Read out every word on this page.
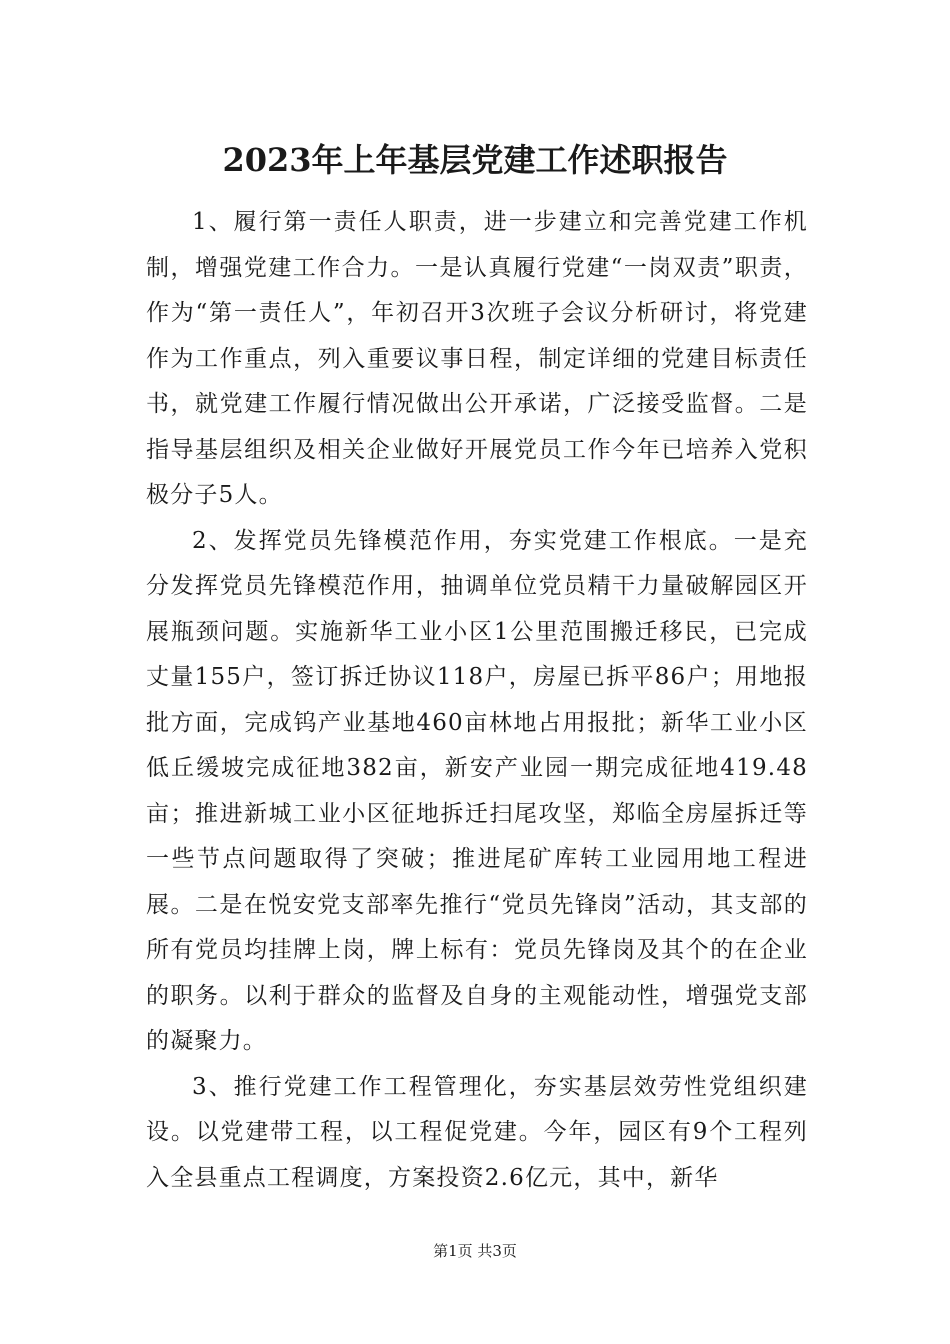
2023年上年基层党建工作述职报告

1、履行第一责任人职责，进一步建立和完善党建工作机制，增强党建工作合力。一是认真履行党建“一岗双责”职责，作为“第一责任人”，年初召开3次班子会议分析研讨，将党建作为工作重点，列入重要议事日程，制定详细的党建目标责任书，就党建工作履行情况做出公开承诺，广泛接受监督。二是指导基层组织及相关企业做好开展党员工作今年已培养入党积极分子5人。

2、发挥党员先锋模范作用，夯实党建工作根底。一是充分发挥党员先锋模范作用，抽调单位党员精干力量破解园区开展瓶颈问题。实施新华工业小区1公里范围搬迁移民，已完成丈量155户，签订拆迁协议118户，房屋已拆平86户；用地报批方面，完成钨产业基地460亩林地占用报批；新华工业小区低丘缓坡完成征地382亩，新安产业园一期完成征地419.48亩；推进新城工业小区征地拆迁扫尾攻坚，郑临全房屋拆迁等一些节点问题取得了突破；推进尾矿库转工业园用地工程进展。二是在悦安党支部率先推行“党员先锋岗”活动，其支部的所有党员均挂牌上岗，牌上标有：党员先锋岗及其个的在企业的职务。以利于群众的监督及自身的主观能动性，增强党支部的凝聚力。

3、推行党建工作工程管理化，夯实基层效劳性党组织建设。以党建带工程，以工程促党建。今年，园区有9个工程列入全县重点工程调度，方案投资2.6亿元，其中，新华

第1页 共3页
